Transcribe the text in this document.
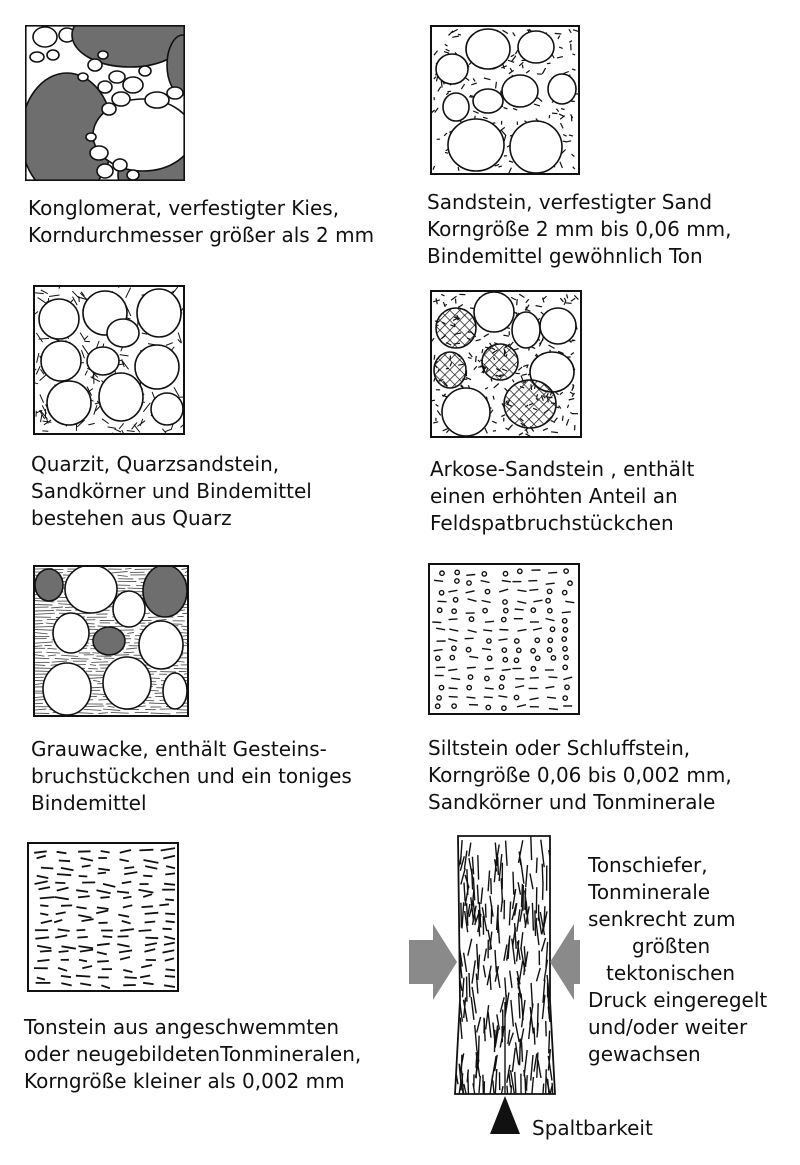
Konglomerat, verfestigter Kies,
Korndurchmesser größer als 2 mm
Sandstein, verfestigter Sand
Korngröße 2 mm bis 0,06 mm,
Bindemittel gewöhnlich Ton
Quarzit, Quarzsandstein,
Sandkörner und Bindemittel
bestehen aus Quarz
Arkose-Sandstein , enthält
einen erhöhten Anteil an
Feldspatbruchstückchen
Grauwacke, enthält Gesteins-
bruchstückchen und ein toniges
Bindemittel
Siltstein oder Schluffstein,
Korngröße 0,06 bis 0,002 mm,
Sandkörner und Tonminerale
Tonstein aus angeschwemmten
oder neugebildetenTonmineralen,
Korngröße kleiner als 0,002 mm
Tonschiefer,
Tonminerale
senkrecht zum
größten
tektonischen
Druck eingeregelt
und/oder weiter
gewachsen
Spaltbarkeit
